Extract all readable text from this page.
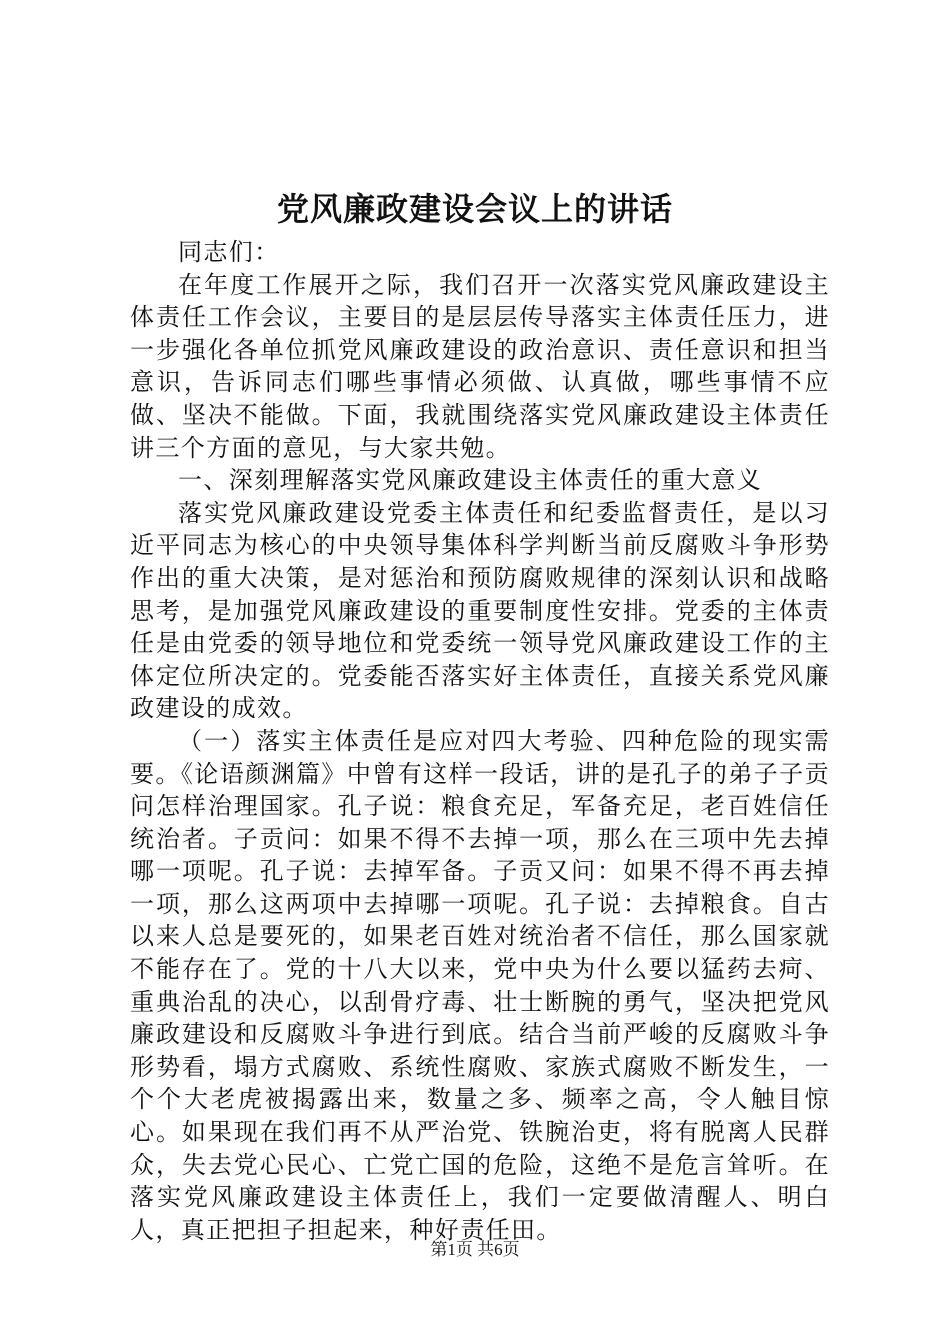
党风廉政建设会议上的讲话

同志们：

在年度工作展开之际，我们召开一次落实党风廉政建设主体责任工作会议，主要目的是层层传导落实主体责任压力，进一步强化各单位抓党风廉政建设的政治意识、责任意识和担当意识，告诉同志们哪些事情必须做、认真做，哪些事情不应做、坚决不能做。下面，我就围绕落实党风廉政建设主体责任讲三个方面的意见，与大家共勉。

一、深刻理解落实党风廉政建设主体责任的重大意义

落实党风廉政建设党委主体责任和纪委监督责任，是以习近平同志为核心的中央领导集体科学判断当前反腐败斗争形势作出的重大决策，是对惩治和预防腐败规律的深刻认识和战略思考，是加强党风廉政建设的重要制度性安排。党委的主体责任是由党委的领导地位和党委统一领导党风廉政建设工作的主体定位所决定的。党委能否落实好主体责任，直接关系党风廉政建设的成效。

（一）落实主体责任是应对四大考验、四种危险的现实需要。《论语颜渊篇》中曾有这样一段话，讲的是孔子的弟子子贡问怎样治理国家。孔子说：粮食充足，军备充足，老百姓信任统治者。子贡问：如果不得不去掉一项，那么在三项中先去掉哪一项呢。孔子说：去掉军备。子贡又问：如果不得不再去掉一项，那么这两项中去掉哪一项呢。孔子说：去掉粮食。自古以来人总是要死的，如果老百姓对统治者不信任，那么国家就不能存在了。党的十八大以来，党中央为什么要以猛药去疴、重典治乱的决心，以刮骨疗毒、壮士断腕的勇气，坚决把党风廉政建设和反腐败斗争进行到底。结合当前严峻的反腐败斗争形势看，塌方式腐败、系统性腐败、家族式腐败不断发生，一个个大老虎被揭露出来，数量之多、频率之高，令人触目惊心。如果现在我们再不从严治党、铁腕治吏，将有脱离人民群众，失去党心民心、亡党亡国的危险，这绝不是危言耸听。在落实党风廉政建设主体责任上，我们一定要做清醒人、明白人，真正把担子担起来，种好责任田。

第1页 共6页
